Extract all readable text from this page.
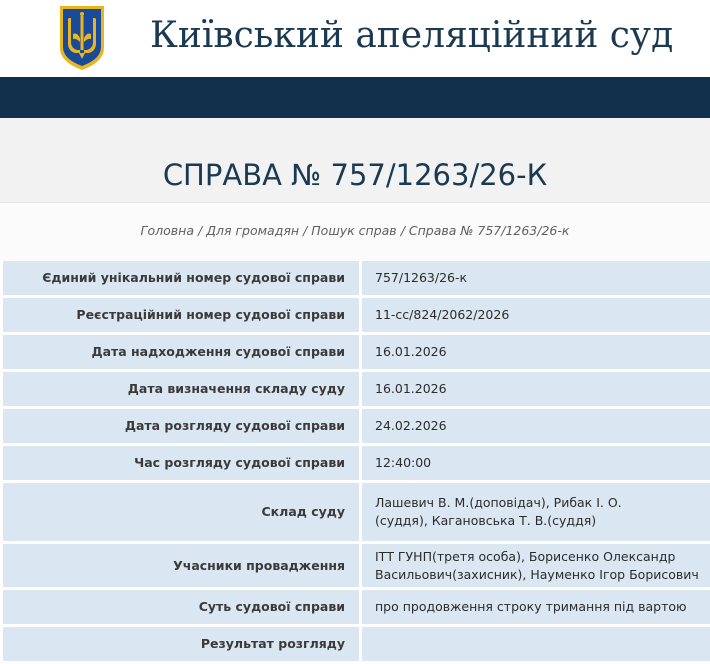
Київський апеляційний суд
СПРАВА № 757/1263/26-К
Головна / Для громадян / Пошук справ / Справа № 757/1263/26-к
Єдиний унікальний номер судової справи	757/1263/26-к
Реєстраційний номер судової справи	11-сс/824/2062/2026
Дата надходження судової справи	16.01.2026
Дата визначення складу суду	16.01.2026
Дата розгляду судової справи	24.02.2026
Час розгляду судової справи	12:40:00
Склад суду	Лашевич В. М.(доповідач), Рибак І. О.(суддя), Кагановська Т. В.(суддя)
Учасники провадження	ІТТ ГУНП(третя особа), Борисенко Олександр Васильович(захисник), Науменко Ігор Борисович
Суть судової справи	про продовження строку тримання під вартою
Результат розгляду	
